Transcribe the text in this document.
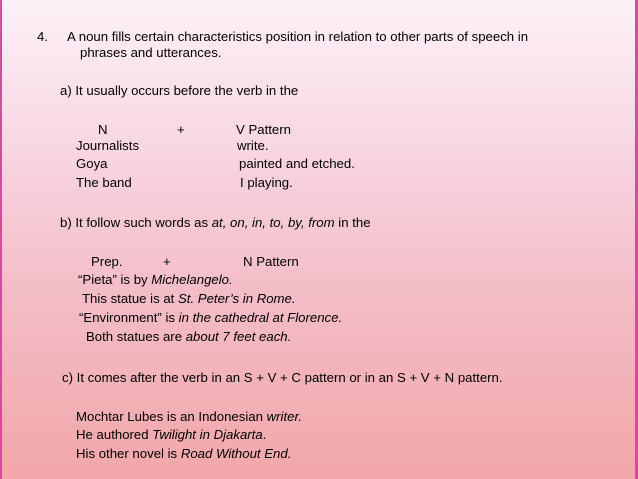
4. A noun fills certain characteristics position in relation to other parts of speech in
phrases and utterances.
a) It usually occurs before the verb in the
N	+	V Pattern
Journalists	write.
Goya	painted and etched.
The band	I playing.
b) It follow such words as at, on, in, to, by, from in the
Prep.	+	N Pattern
“Pieta” is by Michelangelo.
This statue is at St. Peter’s in Rome.
“Environment” is in the cathedral at Florence.
Both statues are about 7 feet each.
c) It comes after the verb in an S + V + C pattern or in an S + V + N pattern.
Mochtar Lubes is an Indonesian writer.
He authored Twilight in Djakarta.
His other novel is Road Without End.
